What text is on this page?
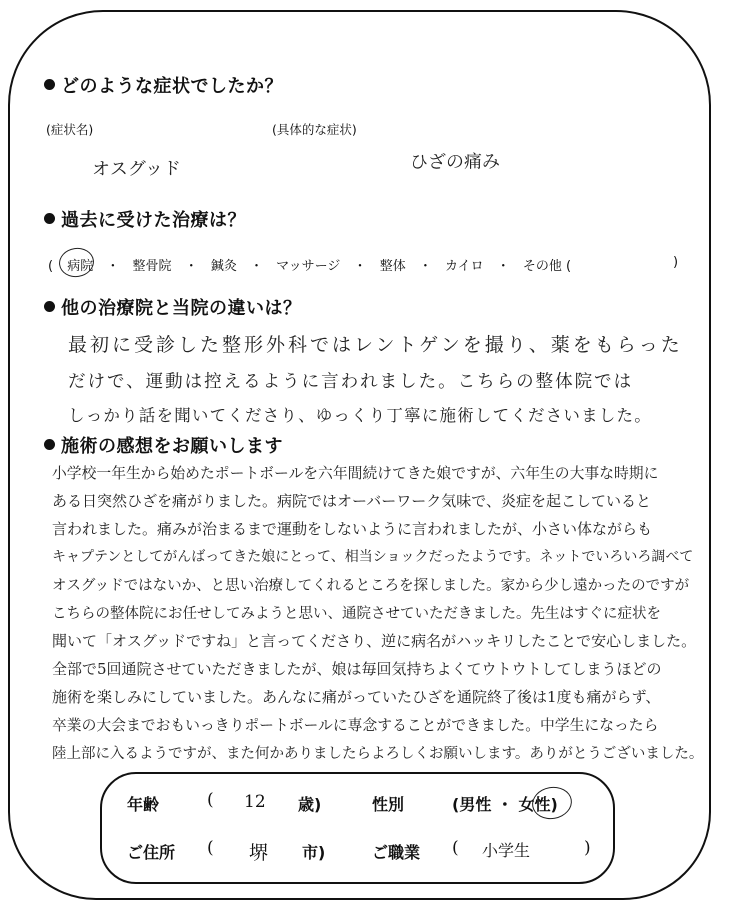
どのような症状でしたか？
(症状名)	(具体的な症状)
オスグッド	ひざの痛み
過去に受けた治療は？
( 病院 ・ 整骨院 ・ 鍼灸 ・ マッサージ ・ 整体 ・ カイロ ・ その他 (	)
他の治療院と当院の違いは？
最初に受診した整形外科ではレントゲンを撮り、薬をもらった
だけで、運動は控えるように言われました。こちらの整体院では
しっかり話を聞いてくださり、ゆっくり丁寧に施術してくださいました。
施術の感想をお願いします
小学校一年生から始めたポートボールを六年間続けてきた娘ですが、六年生の大事な時期に
ある日突然ひざを痛がりました。病院ではオーバーワーク気味で、炎症を起こしていると
言われました。痛みが治まるまで運動をしないように言われましたが、小さい体ながらも
キャプテンとしてがんばってきた娘にとって、相当ショックだったようです。ネットでいろいろ調べて
オスグッドではないか、と思い治療してくれるところを探しました。家から少し遠かったのですが
こちらの整体院にお任せしてみようと思い、通院させていただきました。先生はすぐに症状を
聞いて「オスグッドですね」と言ってくださり、逆に病名がハッキリしたことで安心しました。
全部で5回通院させていただきましたが、娘は毎回気持ちよくてウトウトしてしまうほどの
施術を楽しみにしていました。あんなに痛がっていたひざを通院終了後は1度も痛がらず、
卒業の大会までおもいっきりポートボールに専念することができました。中学生になったら
陸上部に入るようですが、また何かありましたらよろしくお願いします。ありがとうございました。
年齢	( 12 歳)	性別	(男性 ・ 女性)
ご住所 ( 堺 市)	ご職業 ( 小学生	)
